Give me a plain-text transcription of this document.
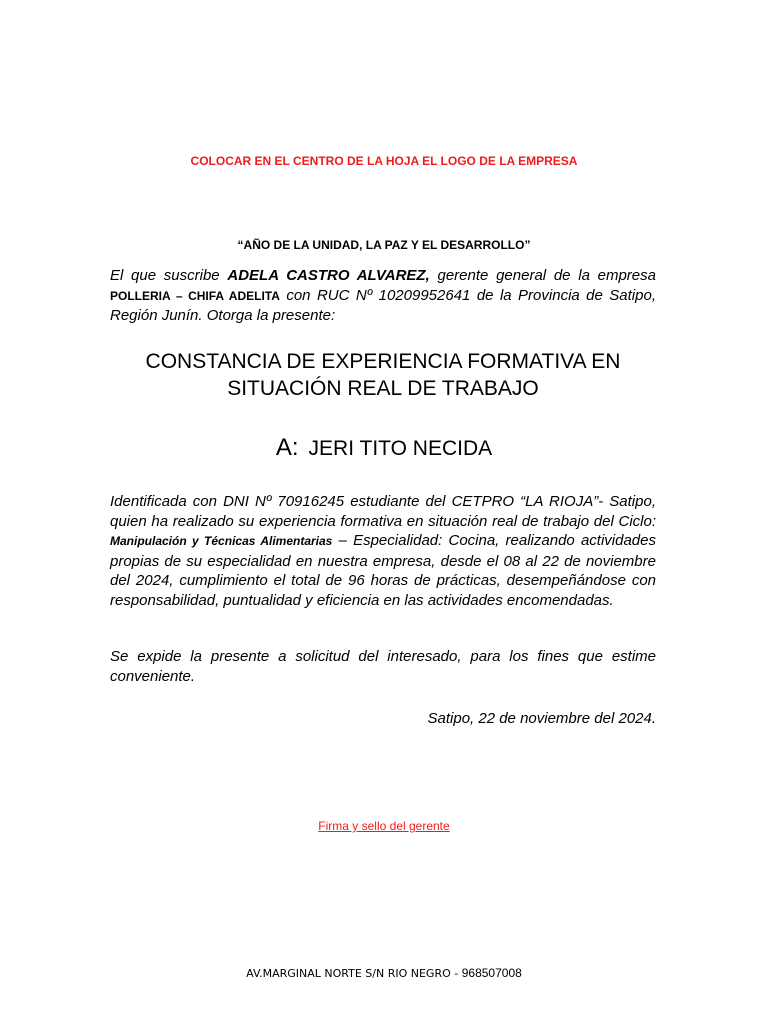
COLOCAR EN EL CENTRO DE LA HOJA EL LOGO DE LA EMPRESA
“AÑO DE LA UNIDAD, LA PAZ Y EL DESARROLLO”
El que suscribe ADELA CASTRO ALVAREZ, gerente general de la empresa POLLERIA – CHIFA ADELITA con RUC Nº 10209952641 de la Provincia de Satipo, Región Junín. Otorga la presente:
CONSTANCIA DE EXPERIENCIA FORMATIVA EN SITUACIÓN REAL DE TRABAJO
A: JERI TITO NECIDA
Identificada con DNI Nº 70916245 estudiante del CETPRO “LA RIOJA”- Satipo, quien ha realizado su experiencia formativa en situación real de trabajo del Ciclo: Manipulación y Técnicas Alimentarias – Especialidad: Cocina, realizando actividades propias de su especialidad en nuestra empresa, desde el 08 al 22 de noviembre del 2024, cumplimiento el total de 96 horas de prácticas, desempeñándose con responsabilidad, puntualidad y eficiencia en las actividades encomendadas.
Se expide la presente a solicitud del interesado, para los fines que estime conveniente.
Satipo, 22 de noviembre del 2024.
Firma y sello del gerente
AV.MARGINAL NORTE S/N RIO NEGRO - 968507008
